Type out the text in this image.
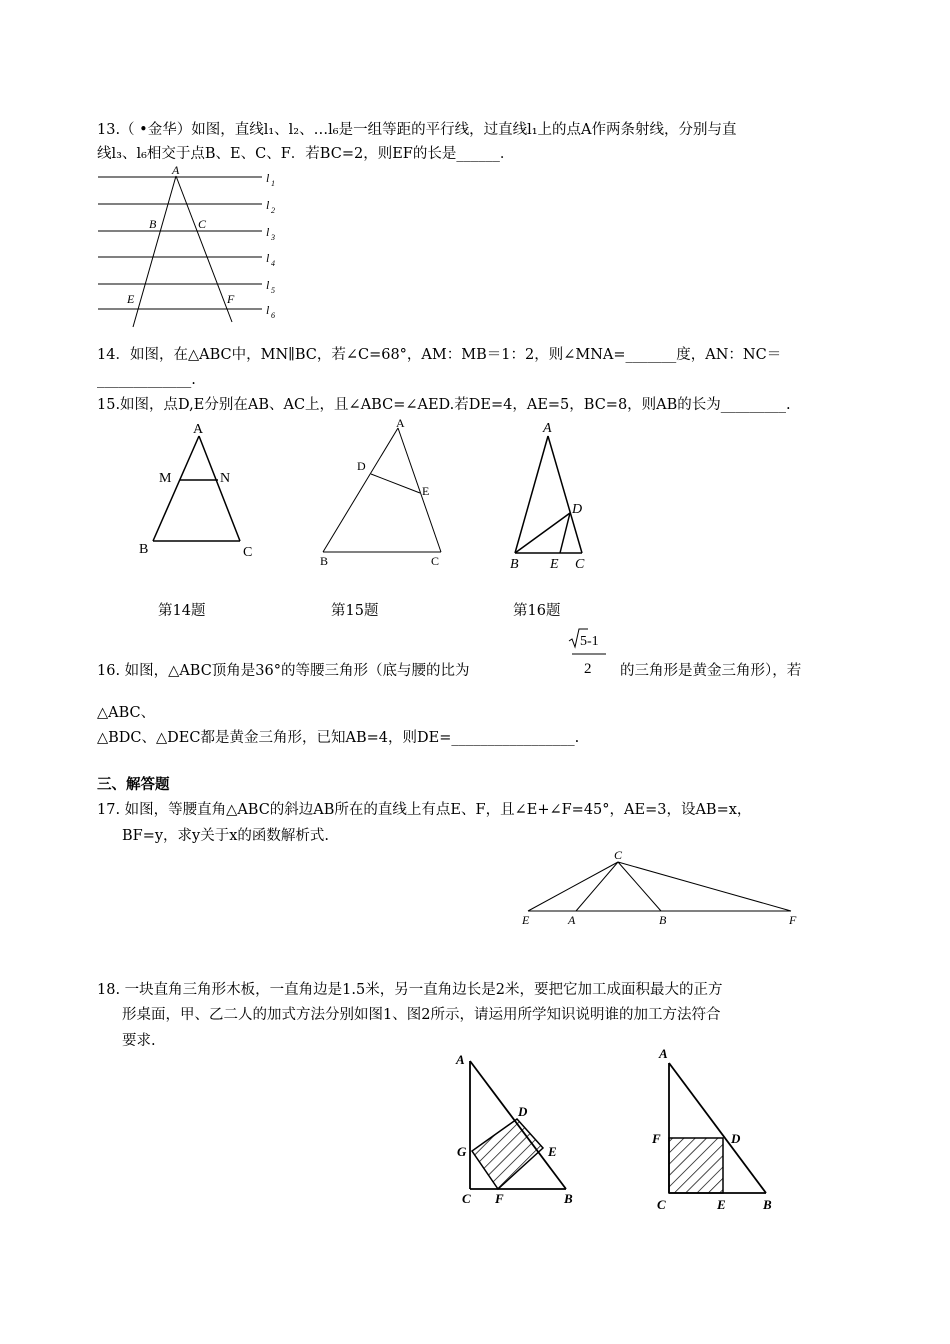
13.（ •金华）如图，直线l₁、l₂、…l₆是一组等距的平行线，过直线l₁上的点A作两条射线，分别与直
线l₃、l₆相交于点B、E、C、F．若BC=2，则EF的长是______．
A
B	C
E	F
l 1
l 2
l 3
l 4
l 5
l 6
14．如图，在△ABC中，MN∥BC，若∠C=68°，AM：MB＝1：2，则∠MNA=_______度，AN：NC＝
_____________.
15.如图，点D,E分别在AB、AC上，且∠ABC=∠AED.若DE=4，AE=5，BC=8，则AB的长为_________.
A
M	N
B	C
A
D
E
B	C
A
D
B E C
第14题	第15题	第16题
16. 如图，△ABC顶角是36°的等腰三角形（底与腰的比为
5-1
2 的三角形是黄金三角形），若
△ABC、
△BDC、△DEC都是黄金三角形，已知AB=4，则DE=_________________.
三、解答题
17. 如图，等腰直角△ABC的斜边AB所在的直线上有点E、F，且∠E+∠F=45°，AE=3，设AB=x，
BF=y，求y关于x的函数解析式.
C
E	A	B	F
18. 一块直角三角形木板，一直角边是1.5米，另一直角边长是2米，要把它加工成面积最大的正方
形桌面，甲、乙二人的加式方法分别如图1、图2所示，请运用所学知识说明谁的加工方法符合
要求.
A
D
G	E
C F	B
A
F	D
C	E	B
